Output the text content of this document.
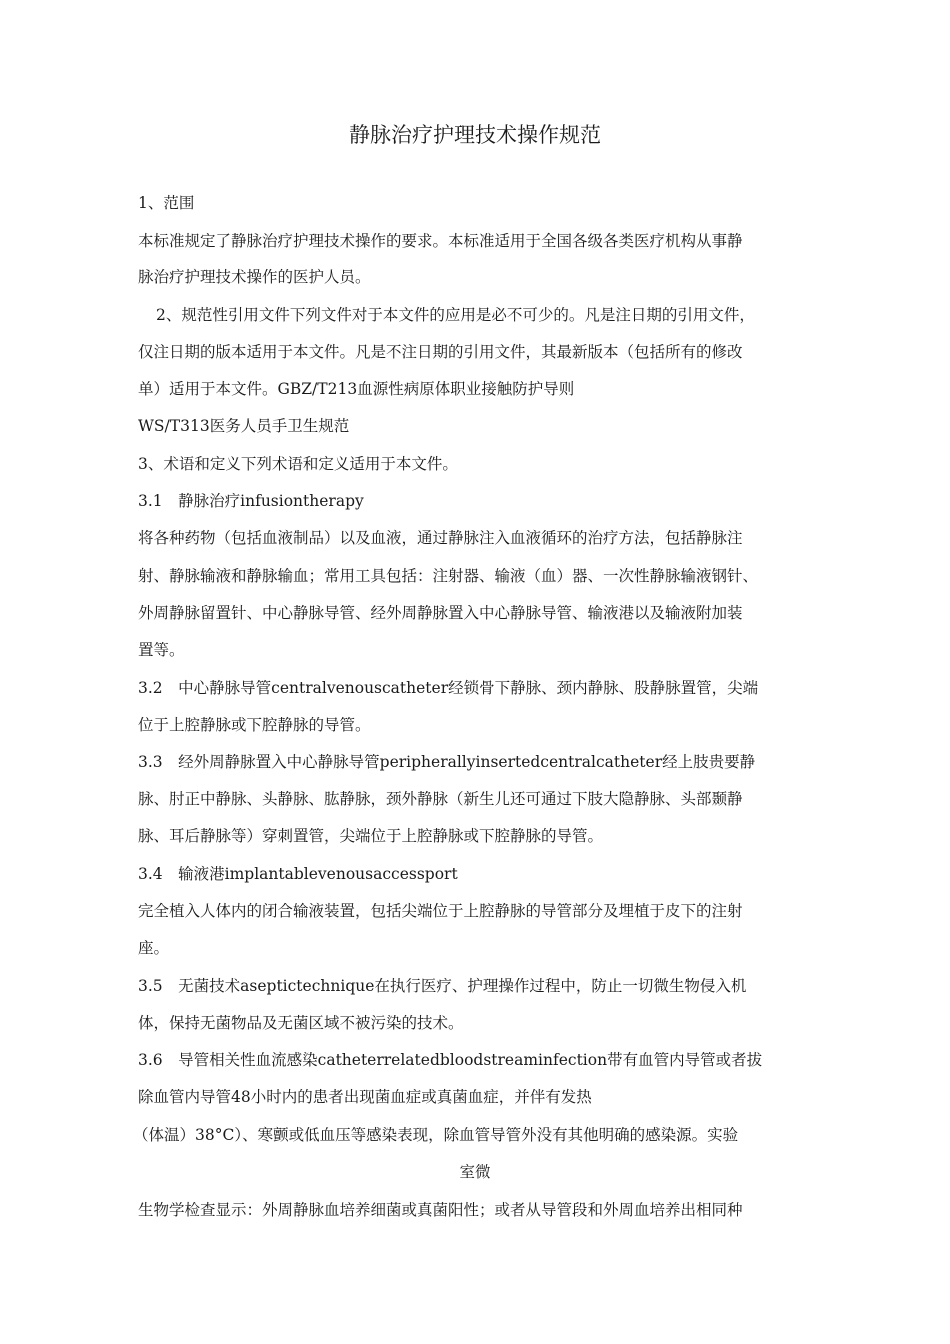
静脉治疗护理技术操作规范
1、范围
本标准规定了静脉治疗护理技术操作的要求。本标准适用于全国各级各类医疗机构从事静
脉治疗护理技术操作的医护人员。
2、规范性引用文件下列文件对于本文件的应用是必不可少的。凡是注日期的引用文件，
仅注日期的版本适用于本文件。凡是不注日期的引用文件，其最新版本（包括所有的修改
单）适用于本文件。GBZ/T213血源性病原体职业接触防护导则
WS/T313医务人员手卫生规范
3、术语和定义下列术语和定义适用于本文件。
3.1　静脉治疗infusiontherapy
将各种药物（包括血液制品）以及血液，通过静脉注入血液循环的治疗方法，包括静脉注
射、静脉输液和静脉输血；常用工具包括：注射器、输液（血）器、一次性静脉输液钢针、
外周静脉留置针、中心静脉导管、经外周静脉置入中心静脉导管、输液港以及输液附加装
置等。
3.2　中心静脉导管centralvenouscatheter经锁骨下静脉、颈内静脉、股静脉置管，尖端
位于上腔静脉或下腔静脉的导管。
3.3　经外周静脉置入中心静脉导管peripherallyinsertedcentralcatheter经上肢贵要静
脉、肘正中静脉、头静脉、肱静脉，颈外静脉（新生儿还可通过下肢大隐静脉、头部颞静
脉、耳后静脉等）穿刺置管，尖端位于上腔静脉或下腔静脉的导管。
3.4　输液港implantablevenousaccessport
完全植入人体内的闭合输液装置，包括尖端位于上腔静脉的导管部分及埋植于皮下的注射
座。
3.5　无菌技术aseptictechnique在执行医疗、护理操作过程中，防止一切微生物侵入机
体，保持无菌物品及无菌区域不被污染的技术。
3.6　导管相关性血流感染catheterrelatedbloodstreaminfection带有血管内导管或者拔
除血管内导管48小时内的患者出现菌血症或真菌血症，并伴有发热
（体温）38°C）、寒颤或低血压等感染表现，除血管导管外没有其他明确的感染源。实验
室微
生物学检查显示：外周静脉血培养细菌或真菌阳性；或者从导管段和外周血培养出相同种
